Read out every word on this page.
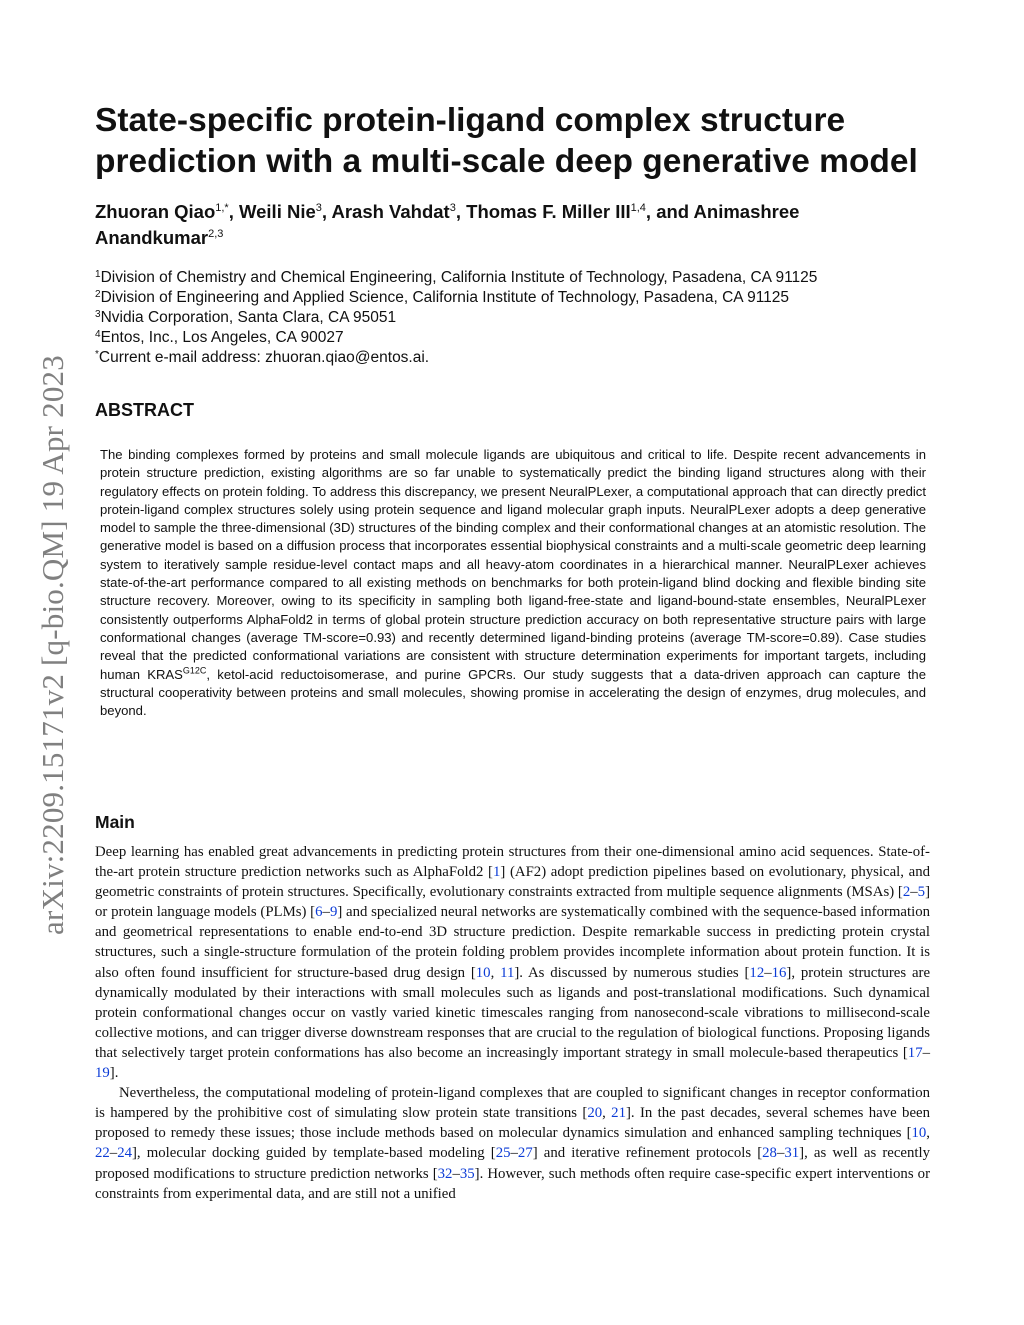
arXiv:2209.15171v2 [q-bio.QM] 19 Apr 2023
State-specific protein-ligand complex structure prediction with a multi-scale deep generative model

Zhuoran Qiao$^{1,*}$, Weili Nie$^3$, Arash Vahdat$^3$, Thomas F. Miller III$^{1,4}$, and Animashree Anandkumar$^{2,3}$

$^1$Division of Chemistry and Chemical Engineering, California Institute of Technology, Pasadena, CA 91125
$^2$Division of Engineering and Applied Science, California Institute of Technology, Pasadena, CA 91125
$^3$Nvidia Corporation, Santa Clara, CA 95051
$^4$Entos, Inc., Los Angeles, CA 90027
*Current e-mail address: zhuoran.qiao@entos.ai.
ABSTRACT

The binding complexes formed by proteins and small molecule ligands are ubiquitous and critical to life. Despite recent advancements in protein structure prediction, existing algorithms are so far unable to systematically predict the binding ligand structures along with their regulatory effects on protein folding. To address this discrepancy, we present NeuralPLexer, a computational approach that can directly predict protein-ligand complex structures solely using protein sequence and ligand molecular graph inputs. NeuralPLexer adopts a deep generative model to sample the three-dimensional (3D) structures of the binding complex and their conformational changes at an atomistic resolution. The generative model is based on a diffusion process that incorporates essential biophysical constraints and a multi-scale geometric deep learning system to iteratively sample residue-level contact maps and all heavy-atom coordinates in a hierarchical manner. NeuralPLexer achieves state-of-the-art performance compared to all existing methods on benchmarks for both protein-ligand blind docking and flexible binding site structure recovery. Moreover, owing to its specificity in sampling both ligand-free-state and ligand-bound-state ensembles, NeuralPLexer consistently outperforms AlphaFold2 in terms of global protein structure prediction accuracy on both representative structure pairs with large conformational changes (average TM-score=0.93) and recently determined ligand-binding proteins (average TM-score=0.89). Case studies reveal that the predicted conformational variations are consistent with structure determination experiments for important targets, including human $KRAS^{G12C}$, ketol-acid reductoisomerase, and purine GPCRs. Our study suggests that a data-driven approach can capture the structural cooperativity between proteins and small molecules, showing promise in accelerating the design of enzymes, drug molecules, and beyond.

Main

Deep learning has enabled great advancements in predicting protein structures from their one-dimensional amino acid sequences. State-of-the-art protein structure prediction networks such as AlphaFold2 [1] (AF2) adopt prediction pipelines based on evolutionary, physical, and geometric constraints of protein structures. Specifically, evolutionary constraints extracted from multiple sequence alignments (MSAs) [2–5] or protein language models (PLMs) [6–9] and specialized neural networks are systematically combined with the sequence-based information and geometrical representations to enable end-to-end 3D structure prediction. Despite remarkable success in predicting protein crystal structures, such a single-structure formulation of the protein folding problem provides incomplete information about protein function. It is also often found insufficient for structure-based drug design [10, 11]. As discussed by numerous studies [12–16], protein structures are dynamically modulated by their interactions with small molecules such as ligands and post-translational modifications. Such dynamical protein conformational changes occur on vastly varied kinetic timescales ranging from nanosecond-scale vibrations to millisecond-scale collective motions, and can trigger diverse downstream responses that are crucial to the regulation of biological functions. Proposing ligands that selectively target protein conformations has also become an increasingly important strategy in small molecule-based therapeutics [17–19].

Nevertheless, the computational modeling of protein-ligand complexes that are coupled to significant changes in receptor conformation is hampered by the prohibitive cost of simulating slow protein state transitions [20, 21]. In the past decades, several schemes have been proposed to remedy these issues; those include methods based on molecular dynamics simulation and enhanced sampling techniques [10, 22–24], molecular docking guided by template-based modeling [25–27] and iterative refinement protocols [28–31], as well as recently proposed modifications to structure prediction networks [32–35]. However, such methods often require case-specific expert interventions or constraints from experimental data, and are still not a unified
